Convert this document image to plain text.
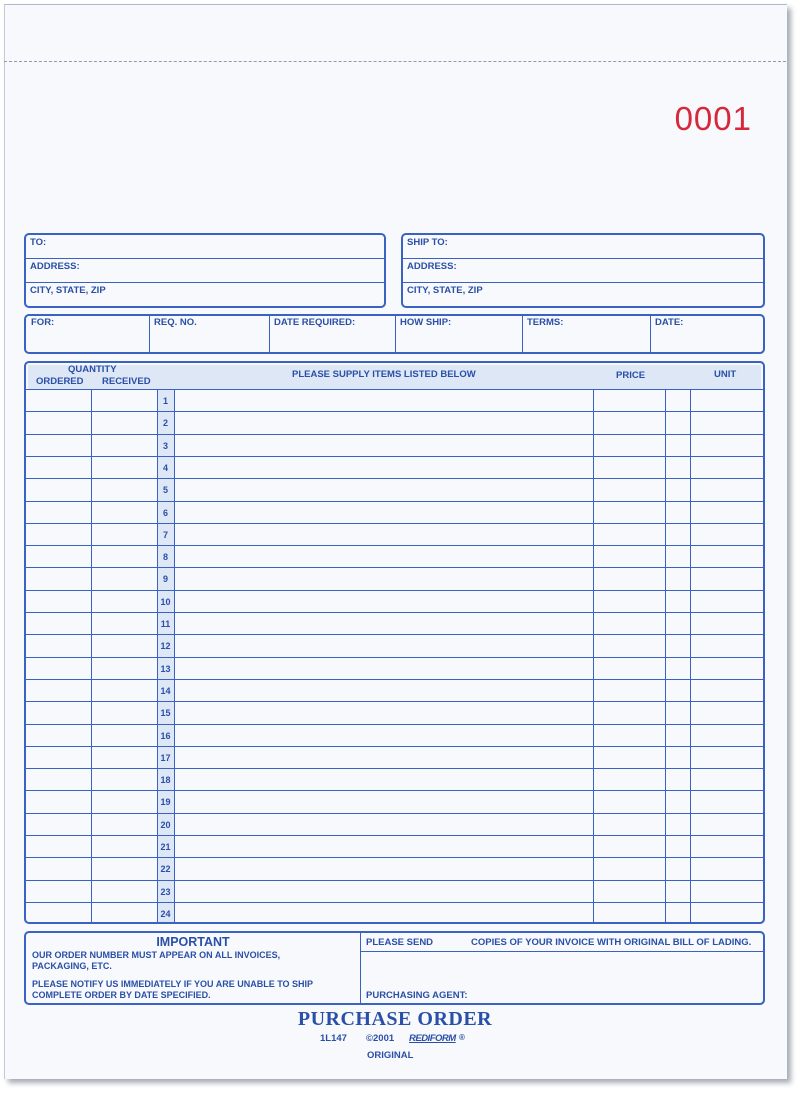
0001
TO:
ADDRESS:
CITY, STATE, ZIP
SHIP TO:
ADDRESS:
CITY, STATE, ZIP
FOR:	REQ. NO.	DATE REQUIRED:	HOW SHIP:	TERMS:	DATE:
QUANTITY
ORDERED RECEIVED
PLEASE SUPPLY ITEMS LISTED BELOW	PRICE	UNIT
1
2
3
4
5
6
7
8
9
10
11
12
13
14
15
16
17
18
19
20
21
22
23
24
IMPORTANT
OUR ORDER NUMBER MUST APPEAR ON ALL INVOICES,
PACKAGING, ETC.
PLEASE NOTIFY US IMMEDIATELY IF YOU ARE UNABLE TO SHIP
COMPLETE ORDER BY DATE SPECIFIED.
PLEASE SEND	COPIES OF YOUR INVOICE WITH ORIGINAL BILL OF LADING.
PURCHASING AGENT:
PURCHASE ORDER
1L147 ©2001 REDIFORM ®
ORIGINAL
